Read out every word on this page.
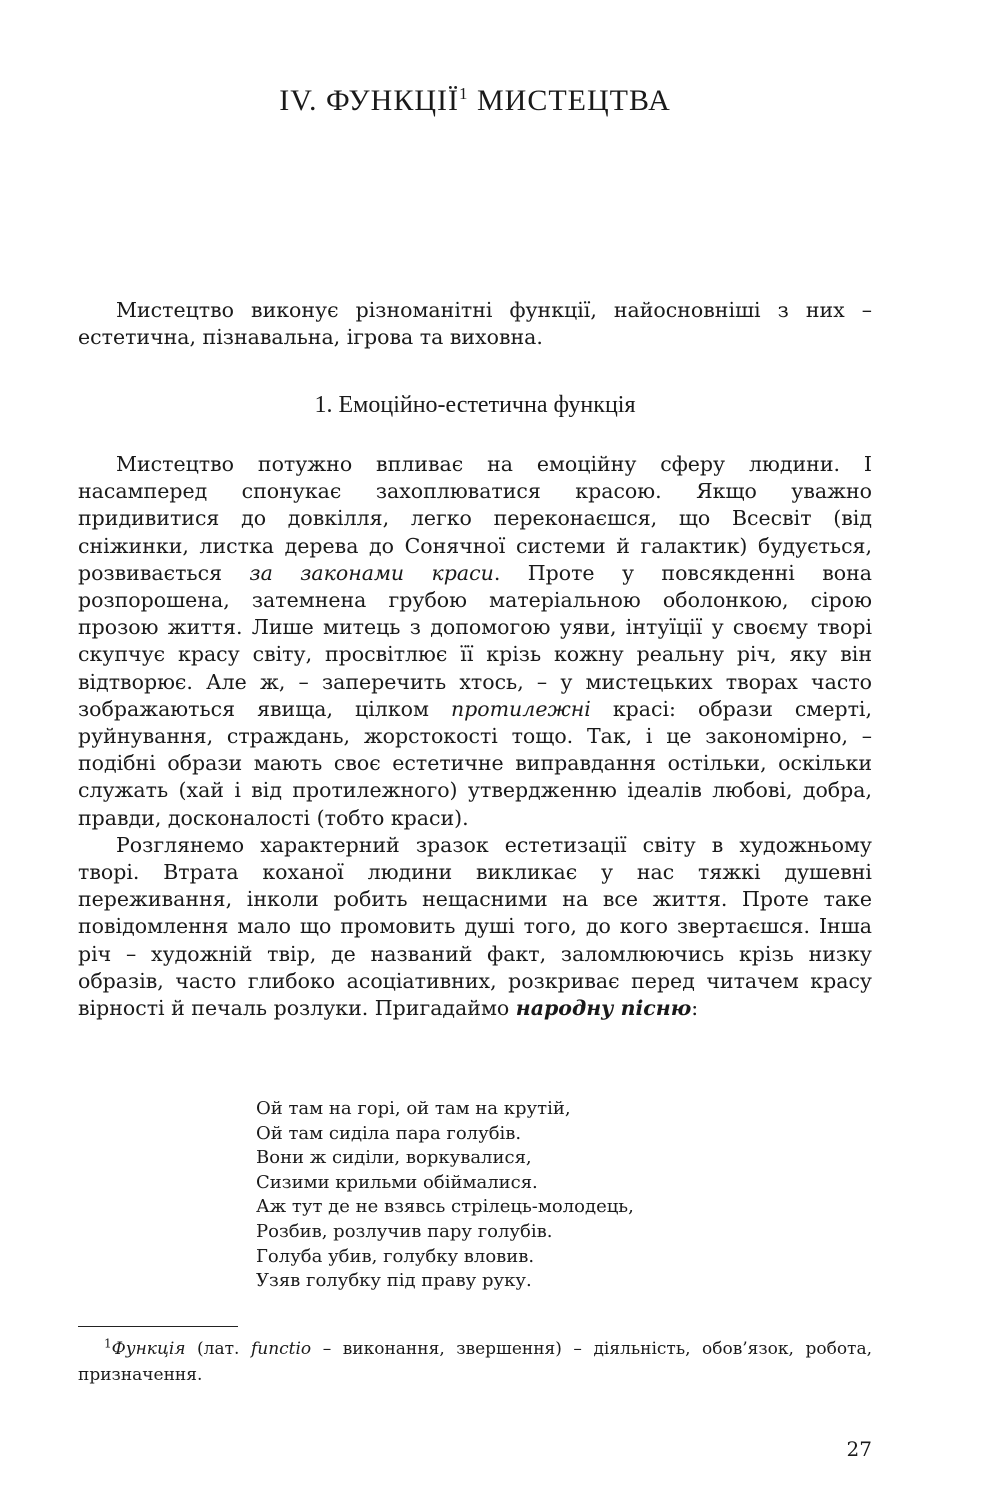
IV. ФУНКЦІЇ$^1$ МИСТЕЦТВА

Мистецтво виконує різноманітні функції, найосновніші з них – естетична, пізнавальна, ігрова та виховна.

1. Емоційно-естетична функція

Мистецтво потужно впливає на емоційну сферу людини. І насамперед спонукає захоплюватися красою. Якщо уважно придивитися до довкілля, легко переконаєшся, що Всесвіт (від сніжинки, листка дерева до Сонячної системи й галактик) будується, розвивається за законами краси. Проте у повсякденні вона розпорошена, затемнена грубою матеріальною оболонкою, сірою прозою життя. Лише митець з допомогою уяви, інтуїції у своєму творі скупчує красу світу, просвітлює її крізь кожну реальну річ, яку він відтворює. Але ж, – заперечить хтось, – у мистецьких творах часто зображаються явища, цілком протилежні красі: образи смерті, руйнування, страждань, жорстокості тощо. Так, і це закономірно, – подібні образи мають своє естетичне виправдання остільки, оскільки служать (хай і від протилежного) утвердженню ідеалів любові, добра, правди, досконалості (тобто краси).

Розглянемо характерний зразок естетизації світу в художньому творі. Втрата коханої людини викликає у нас тяжкі душевні переживання, інколи робить нещасними на все життя. Проте таке повідомлення мало що промовить душі того, до кого звертаєшся. Інша річ – художній твір, де названий факт, заломлюючись крізь низку образів, часто глибоко асоціативних, розкриває перед читачем красу вірності й печаль розлуки. Пригадаймо народну пісню:

Ой там на горі, ой там на крутій,
Ой там сиділа пара голубів.
Вони ж сиділи, воркувалися,
Сизими крильми обіймалися.
Аж тут де не взявсь стрілець-молодець,
Розбив, розлучив пару голубів.
Голуба убив, голубку вловив.
Узяв голубку під праву руку.

$^1$Функція (лат. functio – виконання, звершення) – діяльність, обов’язок, робота, призначення.

27
